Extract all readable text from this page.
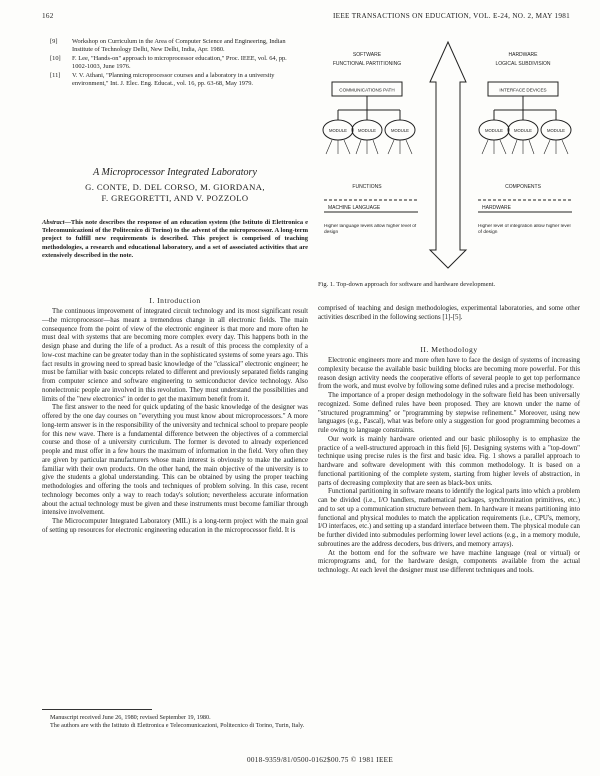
162	IEEE TRANSACTIONS ON EDUCATION, VOL. E-24, NO. 2, MAY 1981
[9] Workshop on Curriculum in the Area of Computer Science and Engineering, Indian Institute of Technology Delhi, New Delhi, India, Apr. 1980.
[10] F. Lee, "Hands-on" approach to microprocessor education," Proc. IEEE, vol. 64, pp. 1002-1003, June 1976.
[11] V. V. Athani, "Planning microprocessor courses and a laboratory in a university environment," Int. J. Elec. Eng. Educat., vol. 16, pp. 63-68, May 1979.
A Microprocessor Integrated Laboratory
G. CONTE, D. DEL CORSO, M. GIORDANA,
F. GREGORETTI, AND V. POZZOLO
Abstract—This note describes the response of an education system (the Istituto di Elettronica e Telecomunicazioni of the Politecnico di Torino) to the advent of the microprocessor. A long-term project to fulfill new requirements is described. This project is comprised of teaching methodologies, a research and educational laboratory, and a set of associated activities that are extensively described in the note.
I. Introduction

The continuous improvement of integrated circuit technology and its most significant result—the microprocessor—has meant a tremendous change in all electronic fields. The main consequence from the point of view of the electronic engineer is that more and more often he must deal with systems that are becoming more complex every day. This happens both in the design phase and during the life of a product. As a result of this process the complexity of a low-cost machine can be greater today than in the sophisticated systems of some years ago. This fact results in growing need to spread basic knowledge of the "classical" electronic engineer; he must be familiar with basic concepts related to different and previously separated fields ranging from computer science and software engineering to semiconductor device technology. Also nonelectronic people are involved in this revolution. They must understand the possibilities and limits of the "new electronics" in order to get the maximum benefit from it.

The first answer to the need for quick updating of the basic knowledge of the designer was offered by the one day courses on "everything you must know about microprocessors." A more long-term answer is in the responsibility of the university and technical school to prepare people for this new wave. There is a fundamental difference between the objectives of a commercial course and those of a university curriculum. The former is devoted to already experienced people and must offer in a few hours the maximum of information in the field. Very often they are given by particular manufacturers whose main interest is obviously to make the audience familiar with their own products. On the other hand, the main objective of the university is to give the students a global understanding. This can be obtained by using the proper teaching methodologies and offering the tools and techniques of problem solving. In this case, recent technology becomes only a way to reach today's solution; nevertheless accurate information about the actual technology must be given and these instruments must become familiar through intensive involvement.

The Microcomputer Integrated Laboratory (MIL) is a long-term project with the main goal of setting up resources for electronic engineering education in the microprocessor field. It is

Manuscript received June 26, 1980; revised September 19, 1980.

The authors are with the Istituto di Elettronica e Telecomunicazioni, Politecnico di Torino, Turin, Italy.

SOFTWARE
FUNCTIONAL PARTITIONING
HARDWARE
LOGICAL SUBDIVISION
COMMUNICATIONS PATH	INTERFACE DEVICES
MODULE	MODULE	MODULE	MODULE	MODULE	MODULE
FUNCTIONS	COMPONENTS
MACHINE LANGUAGE	HARDWARE
Higher language levels allow higher level of design
Higher level of integration allow higher level of design
Fig. 1. Top-down approach for software and hardware development.

comprised of teaching and design methodologies, experimental laboratories, and some other activities described in the following sections [1]-[5].

II. Methodology

Electronic engineers more and more often have to face the design of systems of increasing complexity because the available basic building blocks are becoming more powerful. For this reason design activity needs the cooperative efforts of several people to get top performance from the work, and must evolve by following some defined rules and a precise methodology.

The importance of a proper design methodology in the software field has been universally recognized. Some defined rules have been proposed. They are known under the name of "structured programming" or "programming by stepwise refinement." Moreover, using new languages (e.g., Pascal), what was before only a suggestion for good programming becomes a rule owing to language constraints.

Our work is mainly hardware oriented and our basic philosophy is to emphasize the practice of a well-structured approach in this field [6]. Designing systems with a "top-down" technique using precise rules is the first and basic idea. Fig. 1 shows a parallel approach to hardware and software development with this common methodology. It is based on a functional partitioning of the complete system, starting from higher levels of abstraction, in parts of decreasing complexity that are seen as black-box units.

Functional partitioning in software means to identify the logical parts into which a problem can be divided (i.e., I/O handlers, mathematical packages, synchronization primitives, etc.) and to set up a communication structure between them. In hardware it means partitioning into functional and physical modules to match the application requirements (i.e., CPU's, memory, I/O interfaces, etc.) and setting up a standard interface between them. The physical module can be further divided into submodules performing lower level actions (e.g., in a memory module, subroutines are the address decoders, bus drivers, and memory arrays).

At the bottom end for the software we have machine language (real or virtual) or microprograms and, for the hardware design, components available from the actual technology. At each level the designer must use different techniques and tools.

0018-9359/81/0500-0162$00.75 © 1981 IEEE
